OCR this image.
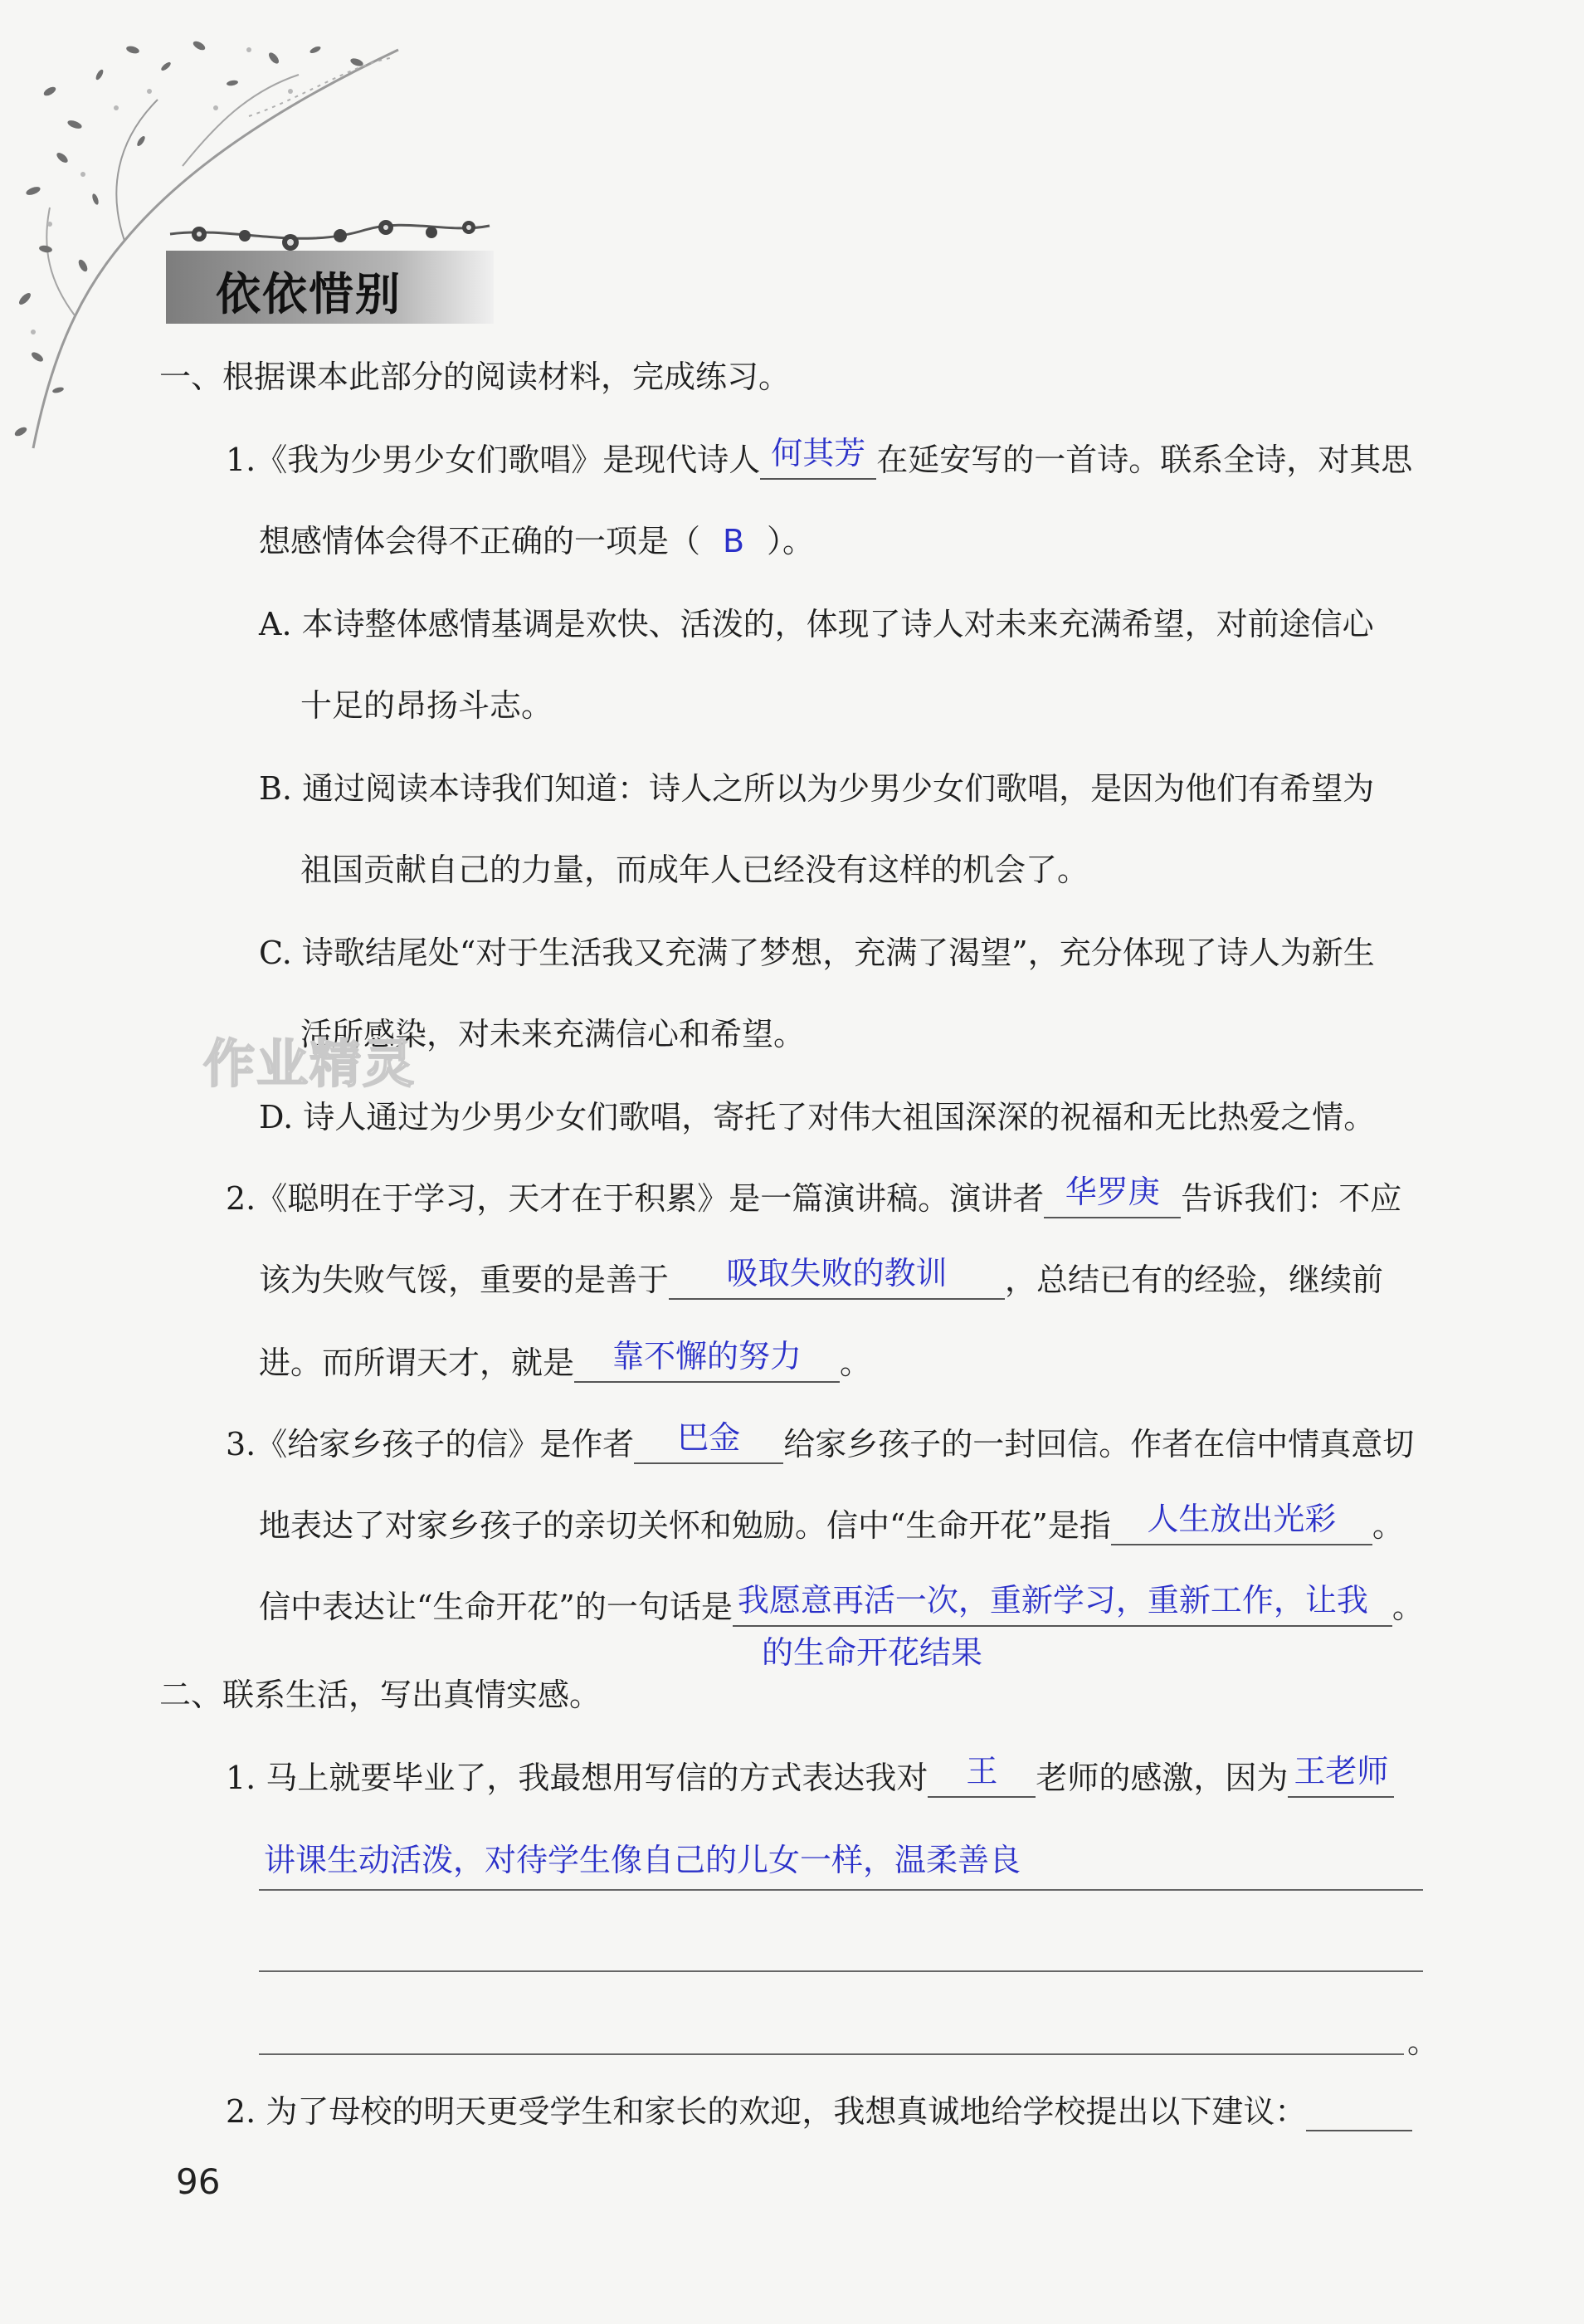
依依惜别
一、根据课本此部分的阅读材料，完成练习。
1.《我为少男少女们歌唱》是现代诗人 何其芳 在延安写的一首诗。联系全诗，对其思
想感情体会得不正确的一项是（ B ）。
A. 本诗整体感情基调是欢快、活泼的，体现了诗人对未来充满希望，对前途信心
十足的昂扬斗志。
B. 通过阅读本诗我们知道：诗人之所以为少男少女们歌唱，是因为他们有希望为
祖国贡献自己的力量，而成年人已经没有这样的机会了。
C. 诗歌结尾处“对于生活我又充满了梦想，充满了渴望”，充分体现了诗人为新生
活所感染，对未来充满信心和希望。
D. 诗人通过为少男少女们歌唱，寄托了对伟大祖国深深的祝福和无比热爱之情。
2.《聪明在于学习，天才在于积累》是一篇演讲稿。演讲者 华罗庚 告诉我们：不应
该为失败气馁，重要的是善于	吸取失败的教训	，总结已有的经验，继续前
进。而所谓天才，就是	靠不懈的努力	。
3.《给家乡孩子的信》是作者	巴金	给家乡孩子的一封回信。作者在信中情真意切
地表达了对家乡孩子的亲切关怀和勉励。信中“生命开花”是指	人生放出光彩	。
信中表达让“生命开花”的一句话是 我愿意再活一次，重新学习，重新工作，让我 。
的生命开花结果
二、联系生活，写出真情实感。
1. 马上就要毕业了，我最想用写信的方式表达我对	王	老师的感激，因为 王老师
讲课生动活泼，对待学生像自己的儿女一样，温柔善良
。
2. 为了母校的明天更受学生和家长的欢迎，我想真诚地给学校提出以下建议：
作业精灵
96
